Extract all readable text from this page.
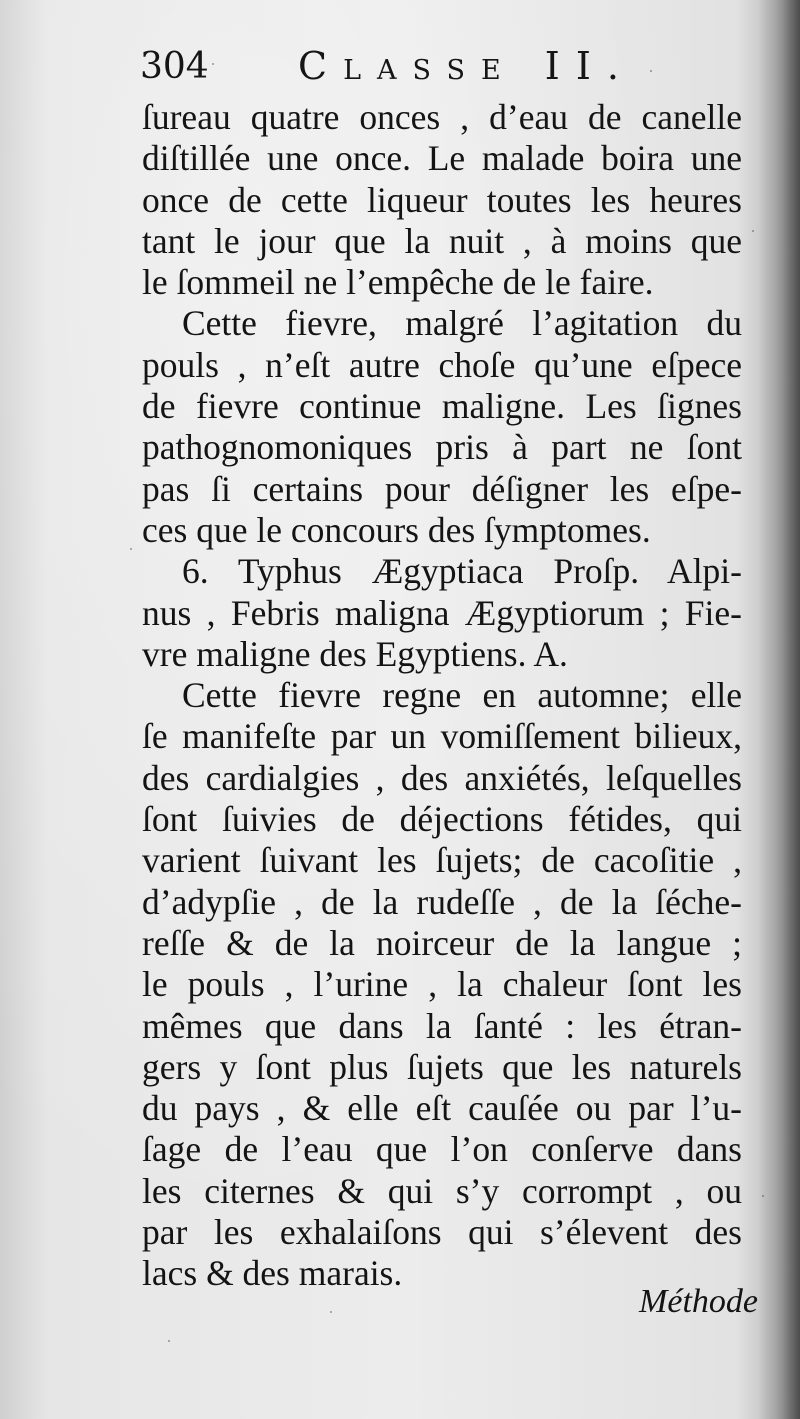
304 Classe II.
ſureau quatre onces , d’eau de canelle
diſtillée une once. Le malade boira une
once de cette liqueur toutes les heures
tant le jour que la nuit , à moins que
le ſommeil ne l’empêche de le faire.
Cette fievre, malgré l’agitation du
pouls , n’eſt autre choſe qu’une eſpece
de fievre continue maligne. Les ſignes
pathognomoniques pris à part ne ſont
pas ſi certains pour déſigner les eſpe-
ces que le concours des ſymptomes.
6. Typhus Ægyptiaca Proſp. Alpi-
nus , Febris maligna Ægyptiorum ; Fie-
vre maligne des Egyptiens. A.
Cette fievre regne en automne; elle
ſe manifeſte par un vomiſſement bilieux,
des cardialgies , des anxiétés, leſquelles
ſont ſuivies de déjections fétides, qui
varient ſuivant les ſujets; de cacoſitie ,
d’adypſie , de la rudeſſe , de la ſéche-
reſſe & de la noirceur de la langue ;
le pouls , l’urine , la chaleur ſont les
mêmes que dans la ſanté : les étran-
gers y ſont plus ſujets que les naturels
du pays , & elle eſt cauſée ou par l’u-
ſage de l’eau que l’on conſerve dans
les citernes & qui s’y corrompt , ou
par les exhalaiſons qui s’élevent des
lacs & des marais.
Méthode
